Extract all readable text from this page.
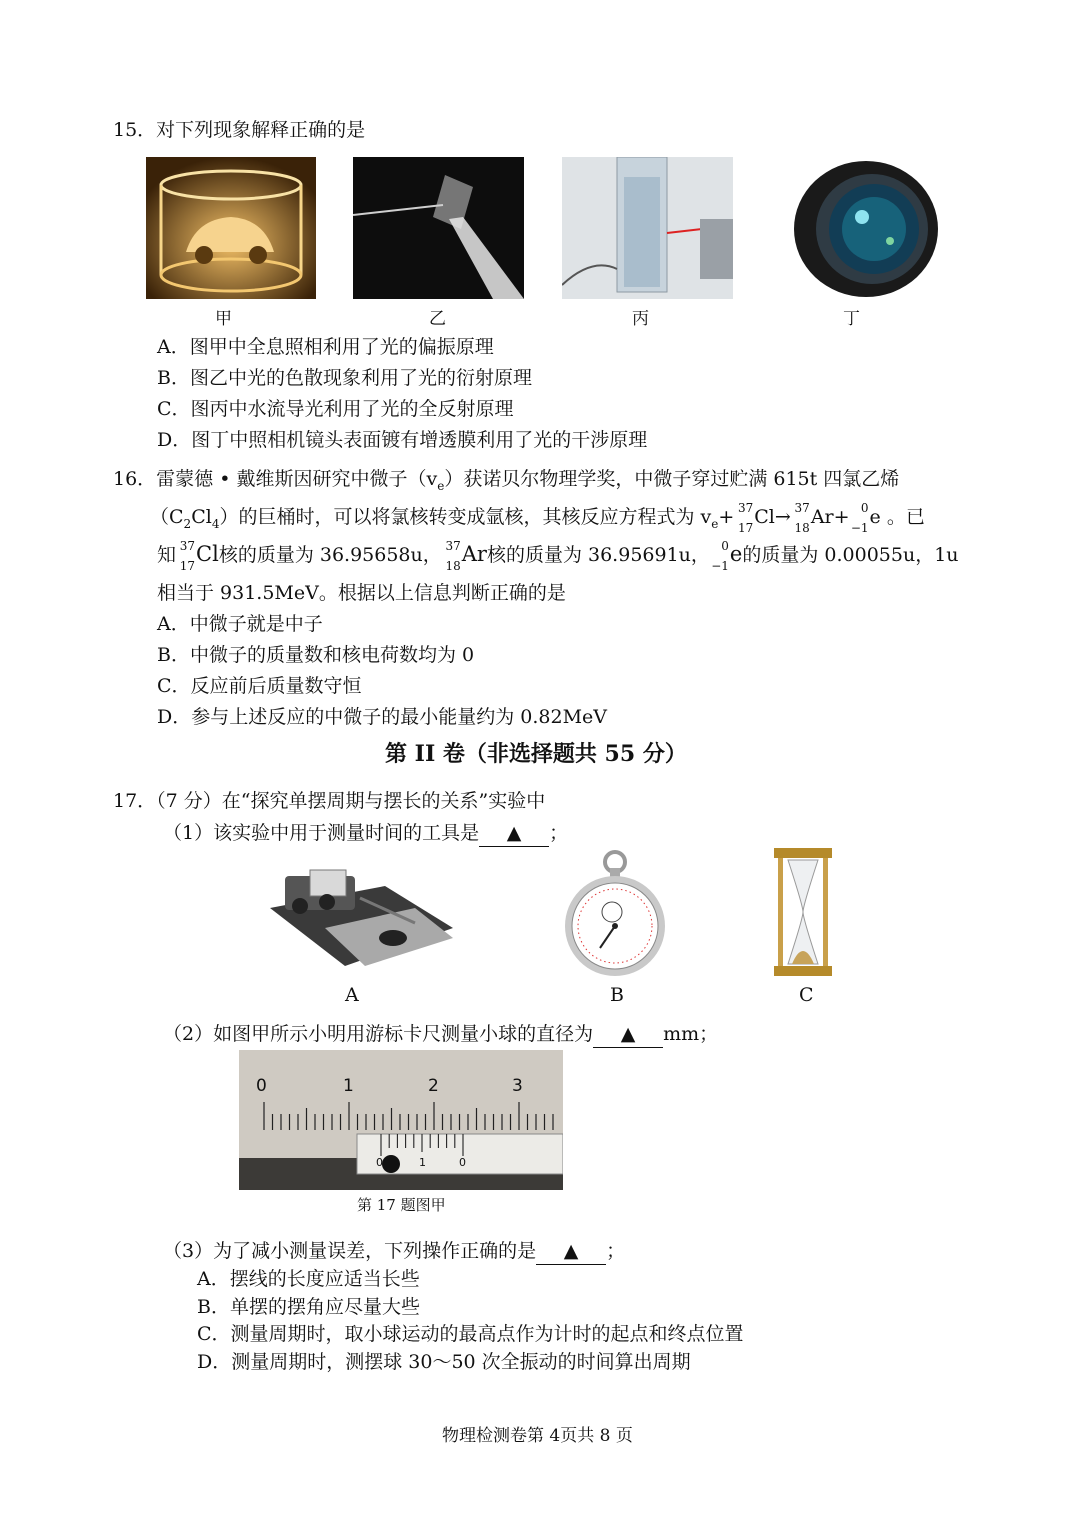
15．对下列现象解释正确的是
甲	乙	丙	丁
A．图甲中全息照相利用了光的偏振原理
B．图乙中光的色散现象利用了光的衍射原理
C．图丙中水流导光利用了光的全反射原理
D．图丁中照相机镜头表面镀有增透膜利用了光的干涉原理
16．雷蒙德 • 戴维斯因研究中微子$(v_e)$获诺贝尔物理学奖，中微子穿过贮满 615t 四氯乙烯
$(C_2Cl_4)$的巨桶时，可以将氯核转变成氩核，其核反应方程式为 $v_e+ 37$
17 Cl→ 37
18 Ar+ 0
−1 e 。已
知 37
17 Cl核的质量为 36.95658u， 37
18 Ar核的质量为 36.95691u， 0
−1 e的质量为 0.00055u，1u
相当于 931.5MeV。根据以上信息判断正确的是
A．中微子就是中子
B．中微子的质量数和核电荷数均为 0
C．反应前后质量数守恒
D．参与上述反应的中微子的最小能量约为 0.82MeV
第 II 卷（非选择题共 55 分）
17．（7 分）在“探究单摆周期与摆长的关系”实验中
（1）该实验中用于测量时间的工具是 ▲ ；
A	B	C
（2）如图甲所示小明用游标卡尺测量小球的直径为 ▲ mm；
0	1	2	3
0	1	0
第 17 题图甲
（3）为了减小测量误差，下列操作正确的是 ▲ ；
A．摆线的长度应适当长些
B．单摆的摆角应尽量大些
C．测量周期时，取小球运动的最高点作为计时的起点和终点位置
D．测量周期时，测摆球 30～50 次全振动的时间算出周期
物理检测卷第 4页共 8 页
